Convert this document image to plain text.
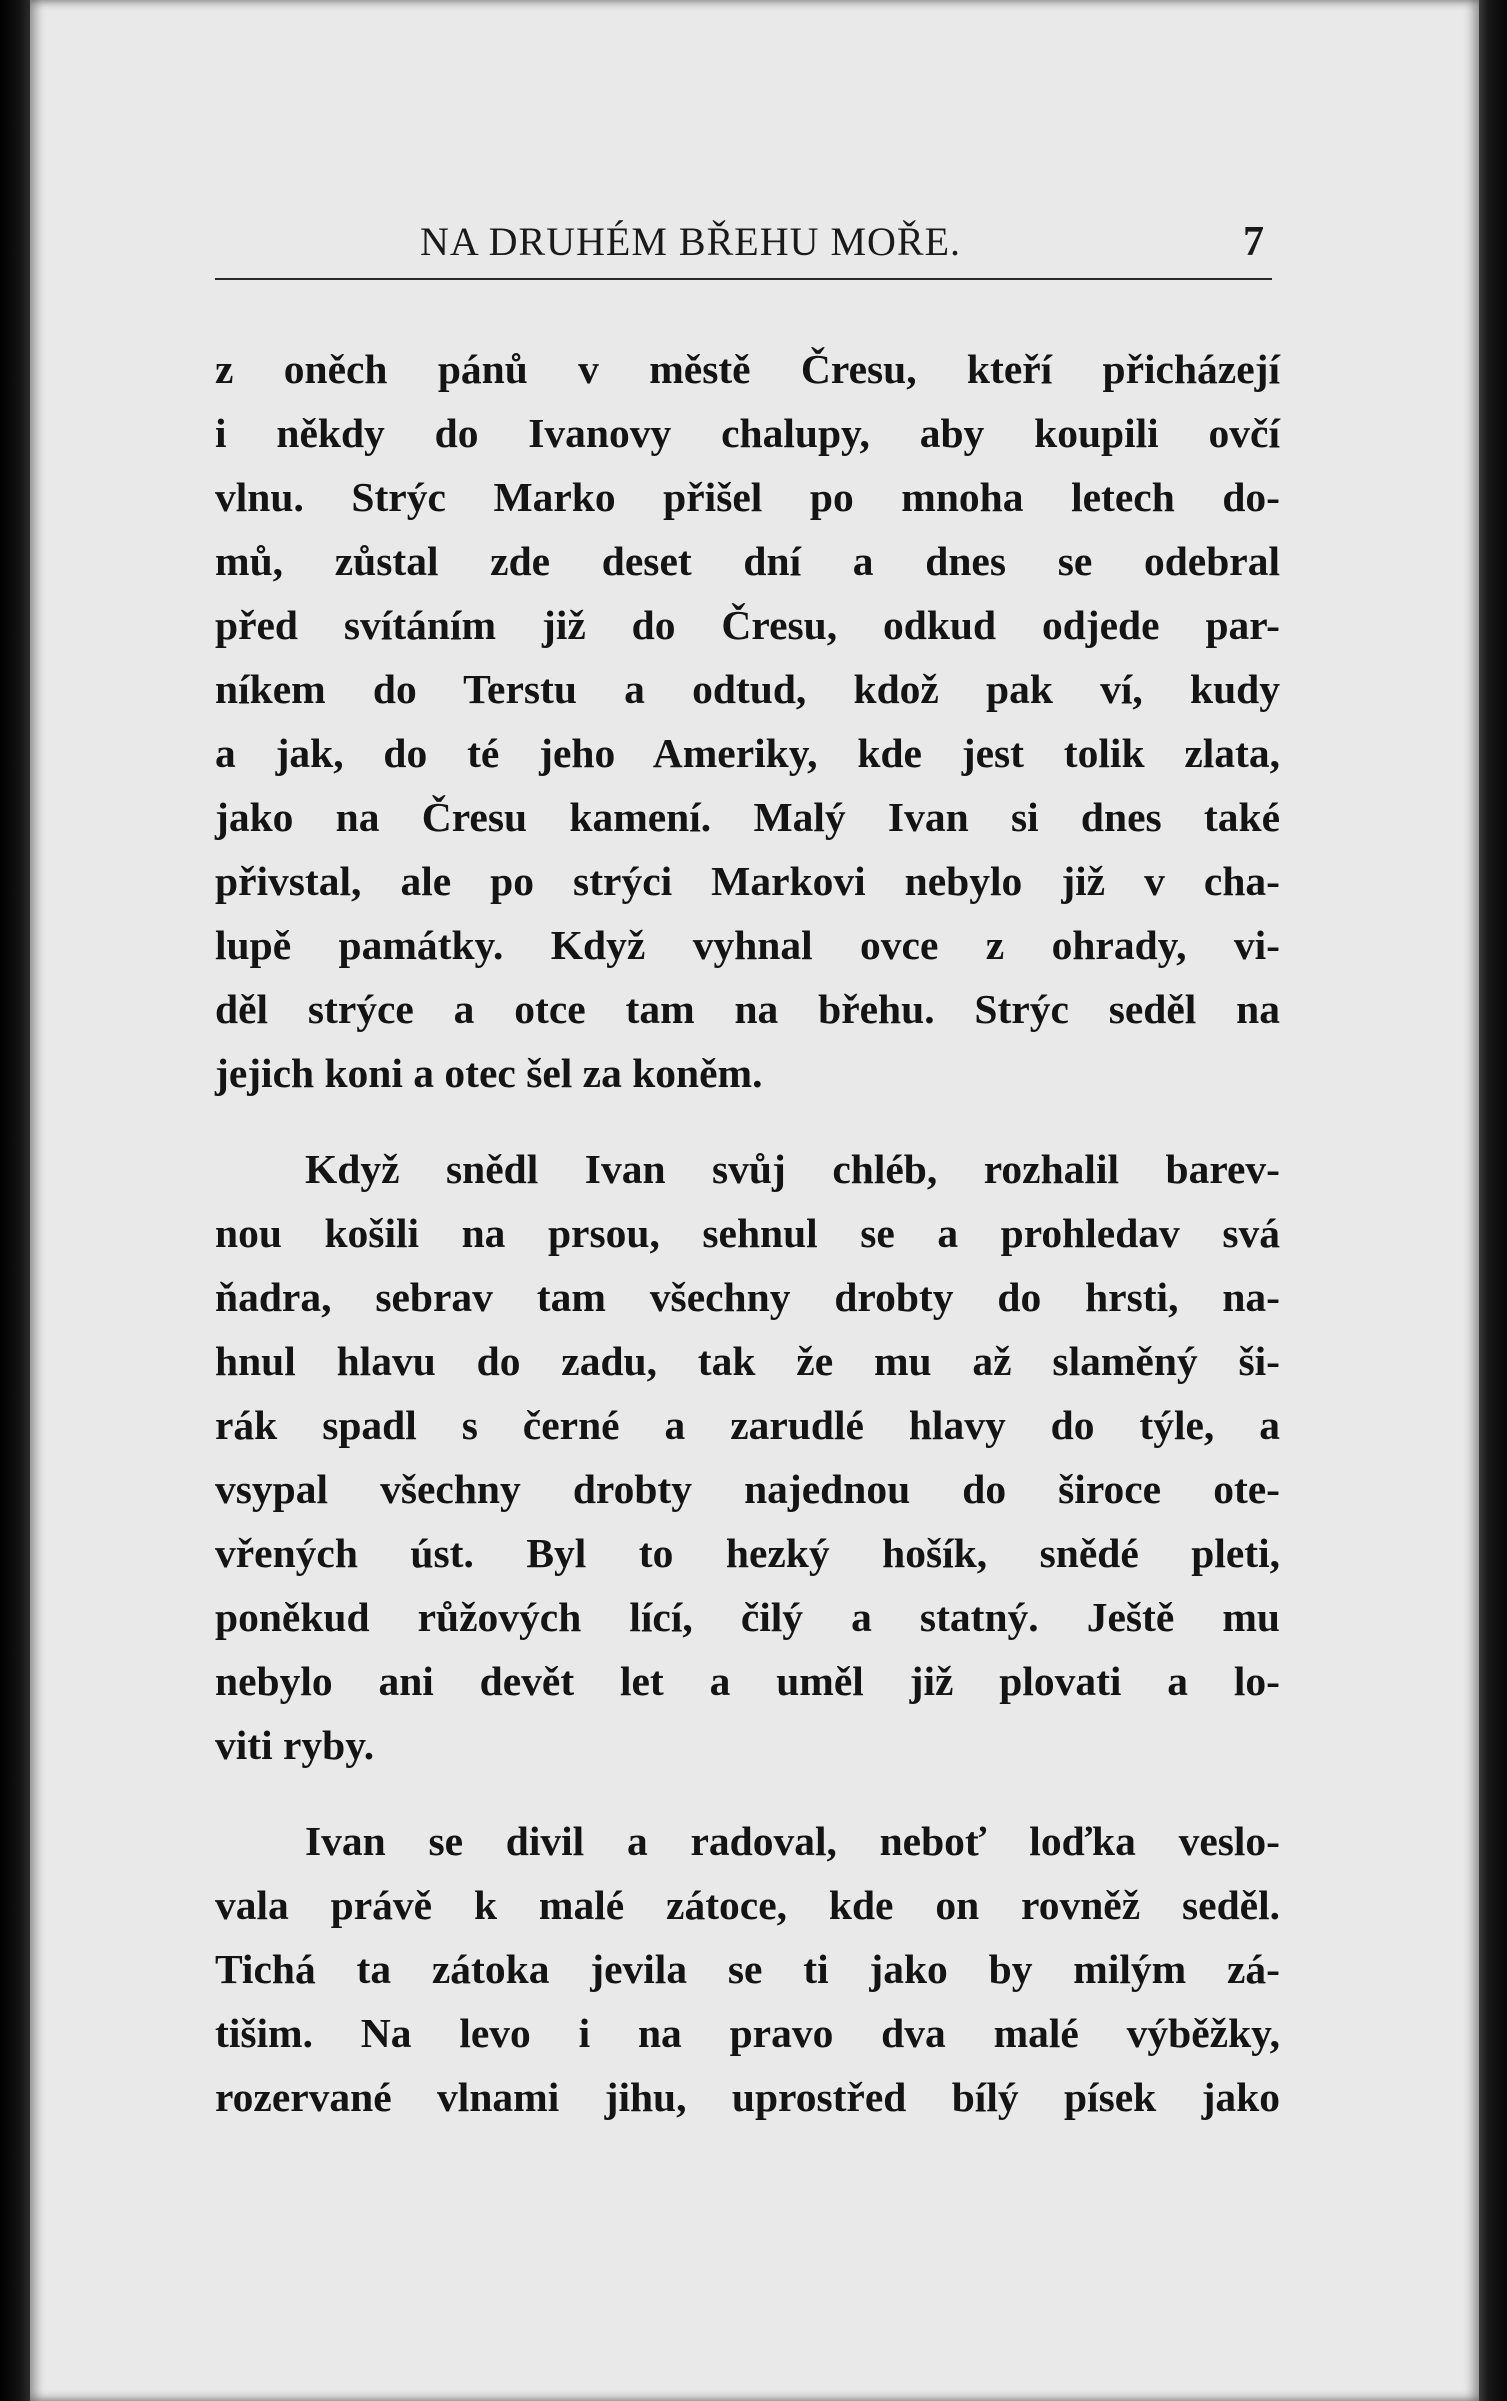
NA DRUHÉM BŘEHU MOŘE.	7
z oněch pánů v městě Čresu, kteří přicházejí
i někdy do Ivanovy chalupy, aby koupili ovčí
vlnu. Strýc Marko přišel po mnoha letech do-
mů, zůstal zde deset dní a dnes se odebral
před svítáním již do Čresu, odkud odjede par-
níkem do Terstu a odtud, kdož pak ví, kudy
a jak, do té jeho Ameriky, kde jest tolik zlata,
jako na Čresu kamení. Malý Ivan si dnes také
přivstal, ale po strýci Markovi nebylo již v cha-
lupě památky. Když vyhnal ovce z ohrady, vi-
děl strýce a otce tam na břehu. Strýc seděl na
jejich koni a otec šel za koněm.
Když snědl Ivan svůj chléb, rozhalil barev-
nou košili na prsou, sehnul se a prohledav svá
ňadra, sebrav tam všechny drobty do hrsti, na-
hnul hlavu do zadu, tak že mu až slaměný ši-
rák spadl s černé a zarudlé hlavy do týle, a
vsypal všechny drobty najednou do široce ote-
vřených úst. Byl to hezký hošík, snědé pleti,
poněkud růžových lící, čilý a statný. Ještě mu
nebylo ani devět let a uměl již plovati a lo-
viti ryby.
Ivan se divil a radoval, neboť loďka veslo-
vala právě k malé zátoce, kde on rovněž seděl.
Tichá ta zátoka jevila se ti jako by milým zá-
tišim. Na levo i na pravo dva malé výběžky,
rozervané vlnami jihu, uprostřed bílý písek jako
